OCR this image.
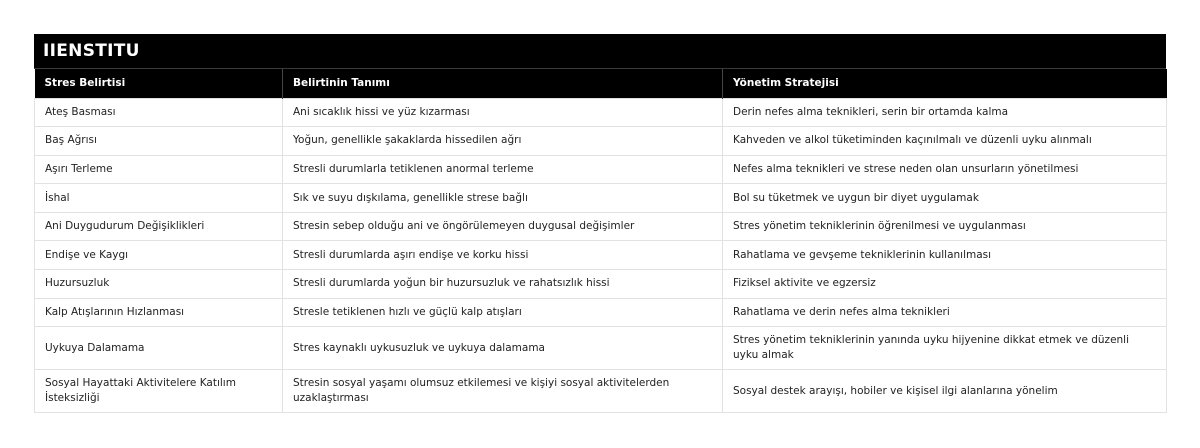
IIENSTITU
Stres Belirtisi	Belirtinin Tanımı	Yönetim Stratejisi
Ateş Basması	Ani sıcaklık hissi ve yüz kızarması	Derin nefes alma teknikleri, serin bir ortamda kalma
Baş Ağrısı	Yoğun, genellikle şakaklarda hissedilen ağrı	Kahveden ve alkol tüketiminden kaçınılmalı ve düzenli uyku alınmalı
Aşırı Terleme	Stresli durumlarla tetiklenen anormal terleme	Nefes alma teknikleri ve strese neden olan unsurların yönetilmesi
İshal	Sık ve suyu dışkılama, genellikle strese bağlı	Bol su tüketmek ve uygun bir diyet uygulamak
Ani Duygudurum Değişiklikleri	Stresin sebep olduğu ani ve öngörülemeyen duygusal değişimler	Stres yönetim tekniklerinin öğrenilmesi ve uygulanması
Endişe ve Kaygı	Stresli durumlarda aşırı endişe ve korku hissi	Rahatlama ve gevşeme tekniklerinin kullanılması
Huzursuzluk	Stresli durumlarda yoğun bir huzursuzluk ve rahatsızlık hissi	Fiziksel aktivite ve egzersiz
Kalp Atışlarının Hızlanması	Stresle tetiklenen hızlı ve güçlü kalp atışları	Rahatlama ve derin nefes alma teknikleri
Uykuya Dalamama	Stres kaynaklı uykusuzluk ve uykuya dalamama	Stres yönetim tekniklerinin yanında uyku hijyenine dikkat etmek ve düzenli uyku almak
Sosyal Hayattaki Aktivitelere Katılım İsteksizliği	Stresin sosyal yaşamı olumsuz etkilemesi ve kişiyi sosyal aktivitelerden uzaklaştırması	Sosyal destek arayışı, hobiler ve kişisel ilgi alanlarına yönelim
